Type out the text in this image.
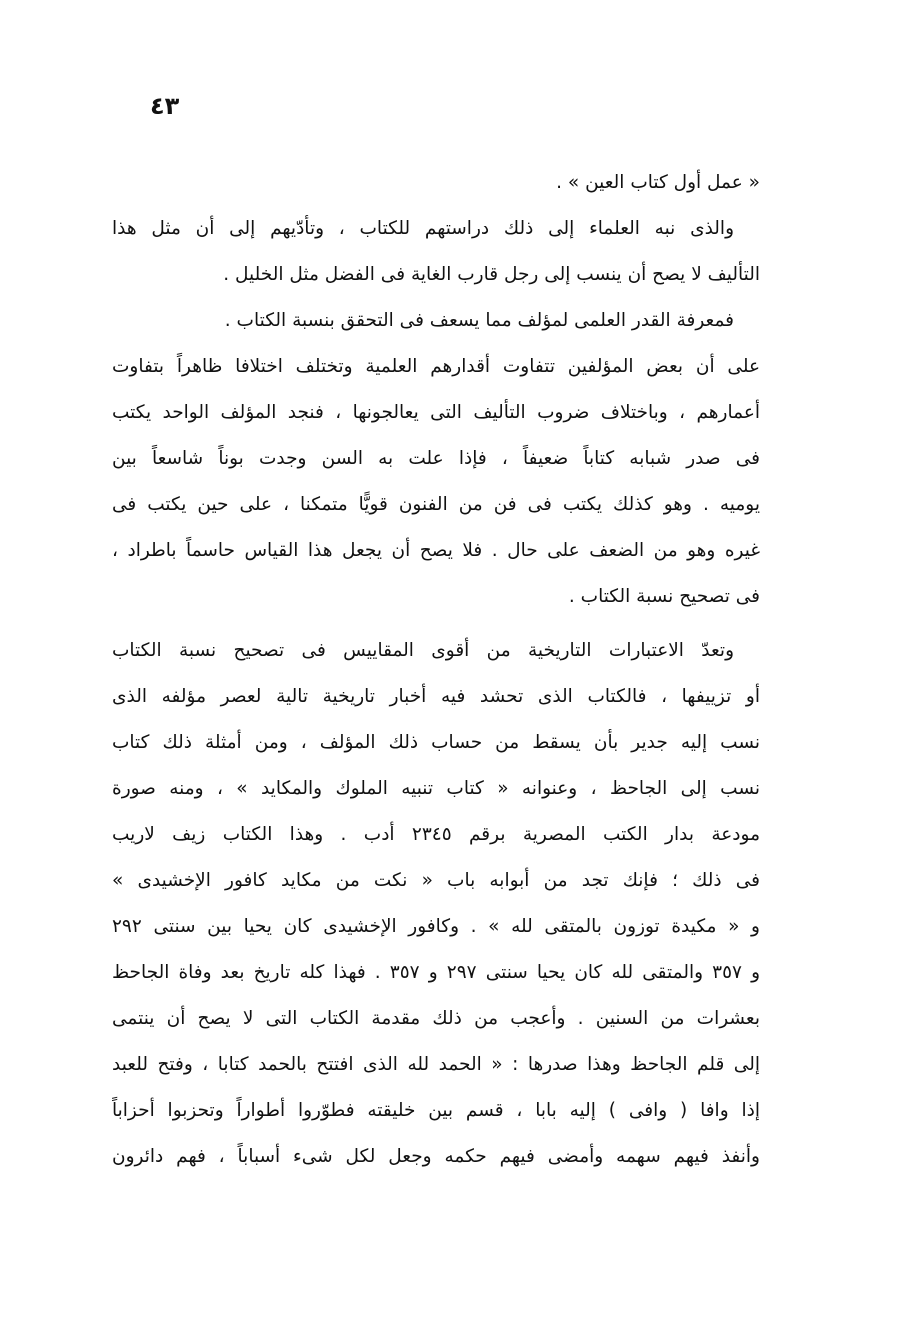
٤٣
« عمل أول كتاب العين » .
والذى نبه العلماء إلى ذلك دراستهم للكتاب ، وتأدّيهم إلى أن مثل هذا
التأليف لا يصح أن ينسب إلى رجل قارب الغاية فى الفضل مثل الخليل .
فمعرفة القدر العلمى لمؤلف مما يسعف فى التحقق بنسبة الكتاب .
على أن بعض المؤلفين تتفاوت أقدارهم العلمية وتختلف اختلافا ظاهراً بتفاوت
أعمارهم ، وباختلاف ضروب التأليف التى يعالجونها ، فنجد المؤلف الواحد يكتب
فى صدر شبابه كتاباً ضعيفاً ، فإذا علت به السن وجدت بوناً شاسعاً بين
يوميه . وهو كذلك يكتب فى فن من الفنون قويًّا متمكنا ، على حين يكتب فى
غيره وهو من الضعف على حال . فلا يصح أن يجعل هذا القياس حاسماً باطراد ،
فى تصحيح نسبة الكتاب .
وتعدّ الاعتبارات التاريخية من أقوى المقاييس فى تصحيح نسبة الكتاب
أو تزييفها ، فالكتاب الذى تحشد فيه أخبار تاريخية تالية لعصر مؤلفه الذى
نسب إليه جدير بأن يسقط من حساب ذلك المؤلف ، ومن أمثلة ذلك كتاب
نسب إلى الجاحظ ، وعنوانه « كتاب تنبيه الملوك والمكايد » ، ومنه صورة
مودعة بدار الكتب المصرية برقم ٢٣٤٥ أدب . وهذا الكتاب زيف لاريب
فى ذلك ؛ فإنك تجد من أبوابه باب « نكت من مكايد كافور الإخشيدى »
و « مكيدة توزون بالمتقى لله » . وكافور الإخشيدى كان يحيا بين سنتى ٢٩٢
و ٣٥٧ والمتقى لله كان يحيا سنتى ٢٩٧ و ٣٥٧ . فهذا كله تاريخ بعد وفاة الجاحظ
بعشرات من السنين . وأعجب من ذلك مقدمة الكتاب التى لا يصح أن ينتمى
إلى قلم الجاحظ وهذا صدرها : « الحمد لله الذى افتتح بالحمد كتابا ، وفتح للعبد
إذا وافا ( وافى ) إليه بابا ، قسم بين خليقته فطوّروا أطواراً وتحزبوا أحزاباً
وأنفذ فيهم سهمه وأمضى فيهم حكمه وجعل لكل شىء أسباباً ، فهم دائرون
